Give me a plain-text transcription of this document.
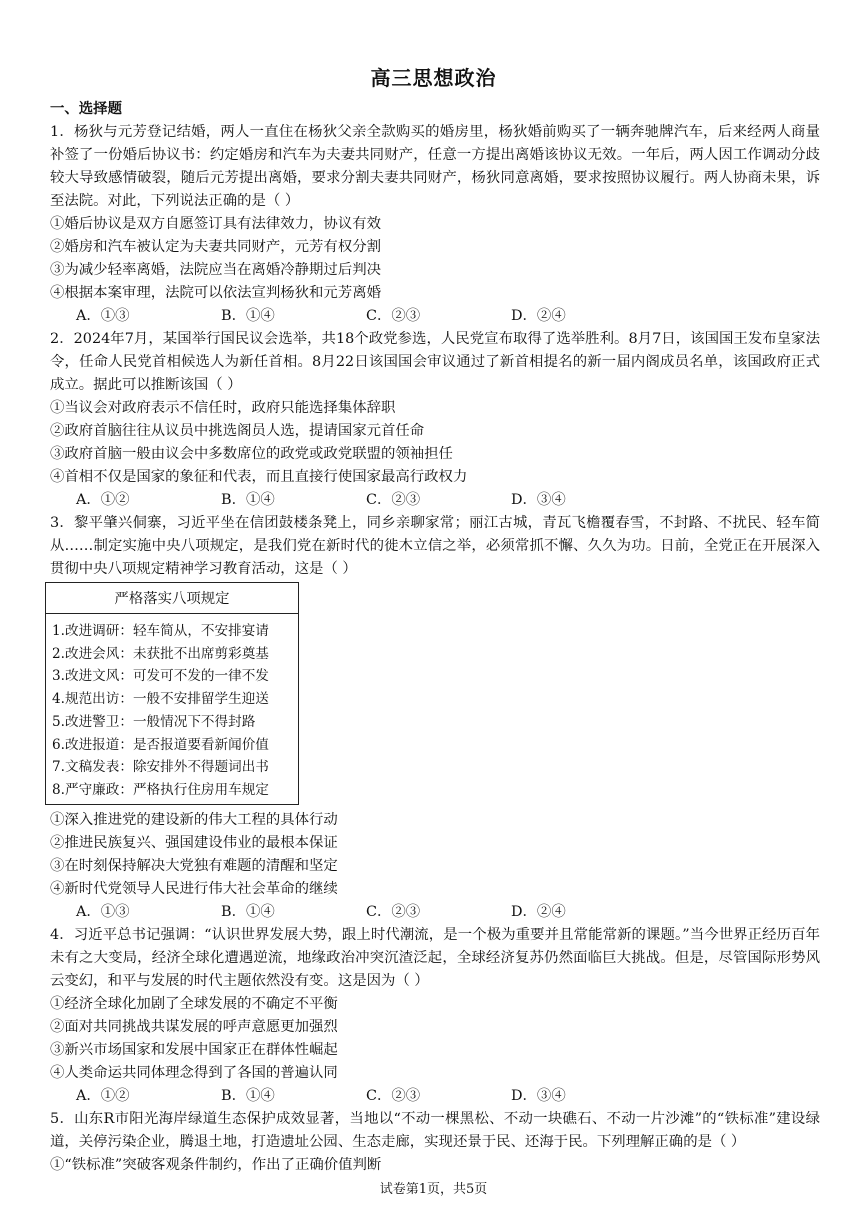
高三思想政治
一、选择题

1．杨狄与元芳登记结婚，两人一直住在杨狄父亲全款购买的婚房里，杨狄婚前购买了一辆奔驰牌汽车，后来经两人商量补签了一份婚后协议书：约定婚房和汽车为夫妻共同财产，任意一方提出离婚该协议无效。一年后，两人因工作调动分歧较大导致感情破裂，随后元芳提出离婚，要求分割夫妻共同财产，杨狄同意离婚，要求按照协议履行。两人协商未果，诉至法院。对此，下列说法正确的是（ ）

①婚后协议是双方自愿签订具有法律效力，协议有效
②婚房和汽车被认定为夫妻共同财产，元芳有权分割
③为减少轻率离婚，法院应当在离婚冷静期过后判决
④根据本案审理，法院可以依法宣判杨狄和元芳离婚
A．①③	B．①④	C．②③	D．②④

2．2024年7月，某国举行国民议会选举，共18个政党参选，人民党宣布取得了选举胜利。8月7日，该国国王发布皇家法令，任命人民党首相候选人为新任首相。8月22日该国国会审议通过了新首相提名的新一届内阁成员名单，该国政府正式成立。据此可以推断该国（ ）

①当议会对政府表示不信任时，政府只能选择集体辞职
②政府首脑往往从议员中挑选阁员人选，提请国家元首任命
③政府首脑一般由议会中多数席位的政党或政党联盟的领袖担任
④首相不仅是国家的象征和代表，而且直接行使国家最高行政权力
A．①②	B．①④	C．②③	D．③④

3．黎平肇兴侗寨，习近平坐在信团鼓楼条凳上，同乡亲聊家常；丽江古城，青瓦飞檐覆春雪，不封路、不扰民、轻车简从……制定实施中央八项规定，是我们党在新时代的徙木立信之举，必须常抓不懈、久久为功。日前，全党正在开展深入贯彻中央八项规定精神学习教育活动，这是（ ）

严格落实八项规定
1.改进调研：轻车简从，不安排宴请
2.改进会风：未获批不出席剪彩奠基
3.改进文风：可发可不发的一律不发
4.规范出访：一般不安排留学生迎送
5.改进警卫：一般情况下不得封路
6.改进报道：是否报道要看新闻价值
7.文稿发表：除安排外不得题词出书
8.严守廉政：严格执行住房用车规定
①深入推进党的建设新的伟大工程的具体行动
②推进民族复兴、强国建设伟业的最根本保证
③在时刻保持解决大党独有难题的清醒和坚定
④新时代党领导人民进行伟大社会革命的继续
A．①③	B．①④	C．②③	D．②④

4．习近平总书记强调：“认识世界发展大势，跟上时代潮流，是一个极为重要并且常能常新的课题。”当今世界正经历百年未有之大变局，经济全球化遭遇逆流，地缘政治冲突沉渣泛起，全球经济复苏仍然面临巨大挑战。但是，尽管国际形势风云变幻，和平与发展的时代主题依然没有变。这是因为（ ）

①经济全球化加剧了全球发展的不确定不平衡
②面对共同挑战共谋发展的呼声意愿更加强烈
③新兴市场国家和发展中国家正在群体性崛起
④人类命运共同体理念得到了各国的普遍认同
A．①②	B．①④	C．②③	D．③④

5．山东R市阳光海岸绿道生态保护成效显著，当地以“不动一棵黑松、不动一块礁石、不动一片沙滩”的“铁标准”建设绿道，关停污染企业，腾退土地，打造遗址公园、生态走廊，实现还景于民、还海于民。下列理解正确的是（ ）

①“铁标准”突破客观条件制约，作出了正确价值判断
试卷第1页，共5页
